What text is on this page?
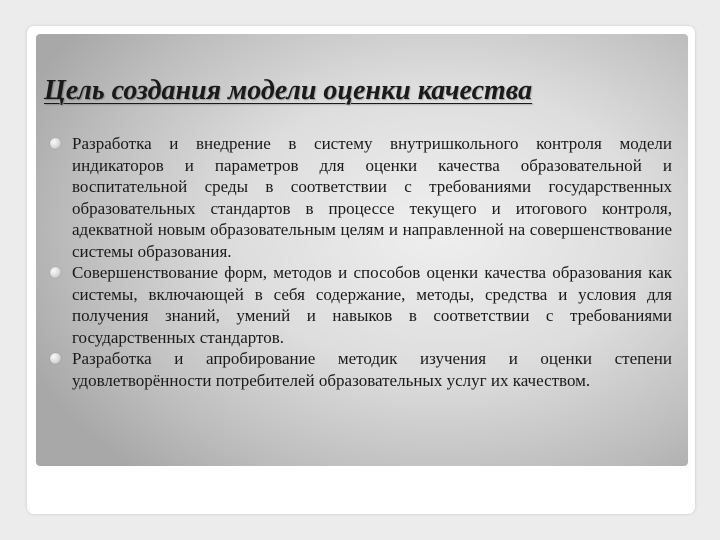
Цель создания модели оценки качества
Разработка и внедрение в систему внутришкольного контроля модели индикаторов и параметров для оценки качества образовательной и воспитательной среды в соответствии с требованиями государственных образовательных стандартов в процессе текущего и итогового контроля, адекватной новым образовательным целям и направленной на совершенствование системы образования.
Совершенствование форм, методов и способов оценки качества образования как системы, включающей в себя содержание, методы, средства и условия для получения знаний, умений и навыков в соответствии с требованиями государственных стандартов.
Разработка и апробирование методик изучения и оценки степени удовлетворённости потребителей образовательных услуг их качеством.
